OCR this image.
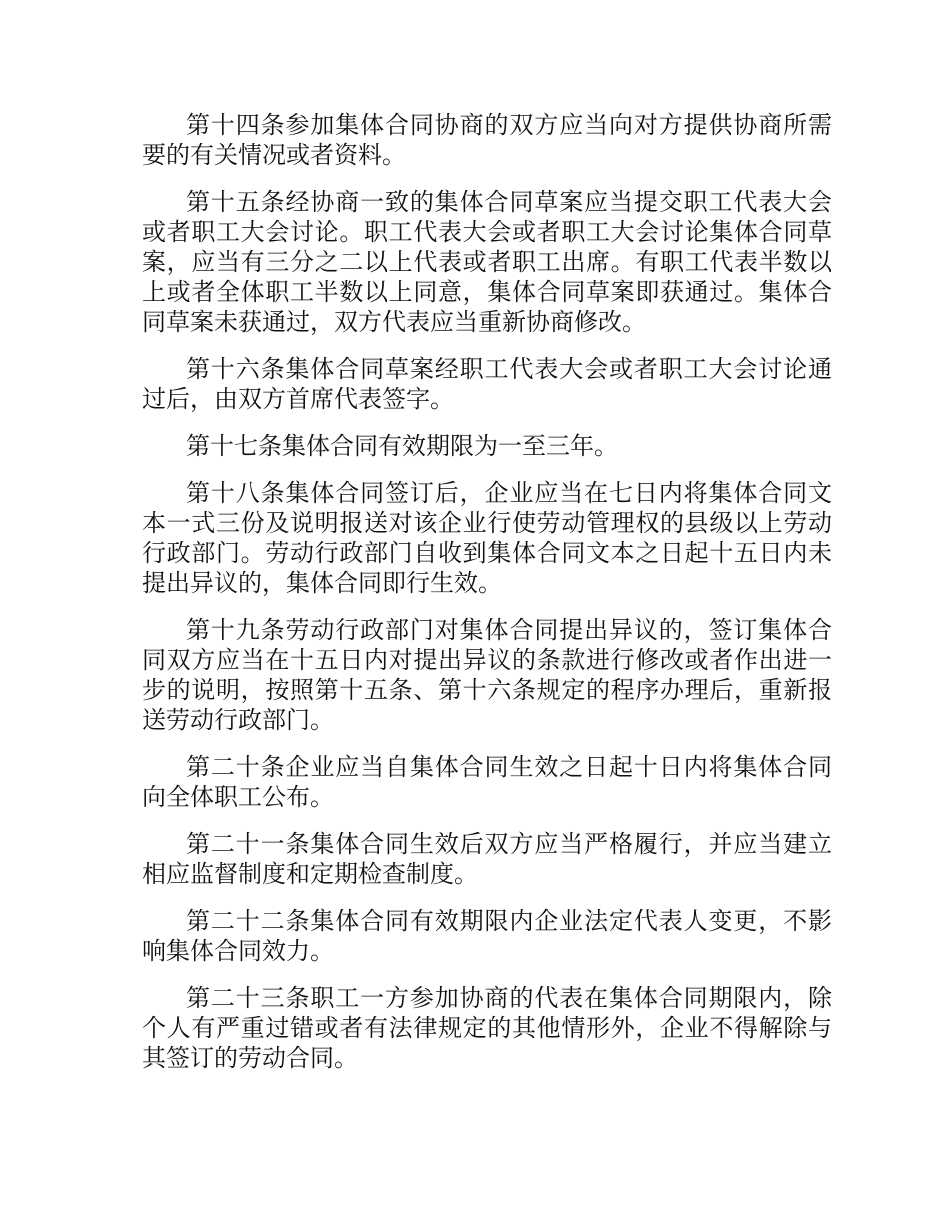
第十四条参加集体合同协商的双方应当向对方提供协商所需要的有关情况或者资料。

第十五条经协商一致的集体合同草案应当提交职工代表大会或者职工大会讨论。职工代表大会或者职工大会讨论集体合同草案，应当有三分之二以上代表或者职工出席。有职工代表半数以上或者全体职工半数以上同意，集体合同草案即获通过。集体合同草案未获通过，双方代表应当重新协商修改。

第十六条集体合同草案经职工代表大会或者职工大会讨论通过后，由双方首席代表签字。

第十七条集体合同有效期限为一至三年。

第十八条集体合同签订后，企业应当在七日内将集体合同文本一式三份及说明报送对该企业行使劳动管理权的县级以上劳动行政部门。劳动行政部门自收到集体合同文本之日起十五日内未提出异议的，集体合同即行生效。

第十九条劳动行政部门对集体合同提出异议的，签订集体合同双方应当在十五日内对提出异议的条款进行修改或者作出进一步的说明，按照第十五条、第十六条规定的程序办理后，重新报送劳动行政部门。

第二十条企业应当自集体合同生效之日起十日内将集体合同向全体职工公布。

第二十一条集体合同生效后双方应当严格履行，并应当建立相应监督制度和定期检查制度。

第二十二条集体合同有效期限内企业法定代表人变更，不影响集体合同效力。

第二十三条职工一方参加协商的代表在集体合同期限内，除个人有严重过错或者有法律规定的其他情形外，企业不得解除与其签订的劳动合同。
